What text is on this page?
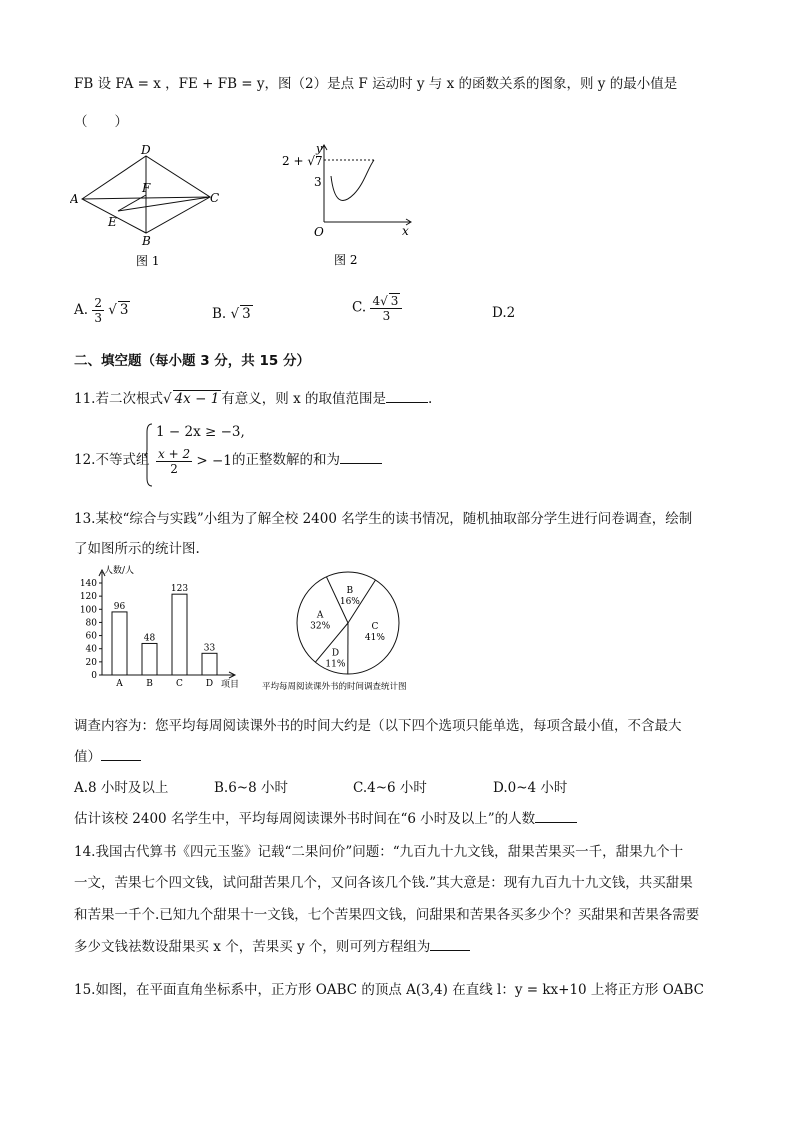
FB 设 FA = x ，FE + FB = y，图（2）是点 F 运动时 y 与 x 的函数关系的图象，则 y 的最小值是
（　　）
D
A	C
F
E
B
图 1
y
2 + √7
3
O	x
图 2
A. $\frac{2}{3}$ √ 3	B. √ 3	C. $\frac{4√ 3}{3}$	D.2
二、填空题（每小题 3 分，共 15 分）
11.若二次根式√ 4x − 1 有意义，则 x 的取值范围是	.
12.不等式组
1 − 2x ≥ −3,
$\frac{x + 2}{2} > -1$ 的正整数解的和为
13.某校“综合与实践”小组为了解全校 2400 名学生的读书情况，随机抽取部分学生进行问卷调查，绘制
了如图所示的统计图.
人数/人
项目
0
20
40
60
80
100
120
140
96
A
48
B
123
C
33
D
B
16%
C
41%
D
11%
A
32%
平均每周阅读课外书的时间调查统计图
调查内容为：您平均每周阅读课外书的时间大约是（以下四个选项只能单选，每项含最小值，不含最大
值）
A.8 小时及以上	B.6~8 小时	C.4~6 小时	D.0~4 小时
估计该校 2400 名学生中，平均每周阅读课外书时间在“6 小时及以上”的人数
14.我国古代算书《四元玉鉴》记载“二果问价”问题：“九百九十九文钱，甜果苦果买一千，甜果九个十
一文，苦果七个四文钱，试问甜苦果几个，又问各该几个钱.”其大意是：现有九百九十九文钱，共买甜果
和苦果一千个.已知九个甜果十一文钱，七个苦果四文钱，问甜果和苦果各买多少个？买甜果和苦果各需要
多少文钱祛数设甜果买 x 个，苦果买 y 个，则可列方程组为
15.如图，在平面直角坐标系中，正方形 OABC 的顶点 A(3,4) 在直线 l：y = kx+10 上将正方形 OABC
